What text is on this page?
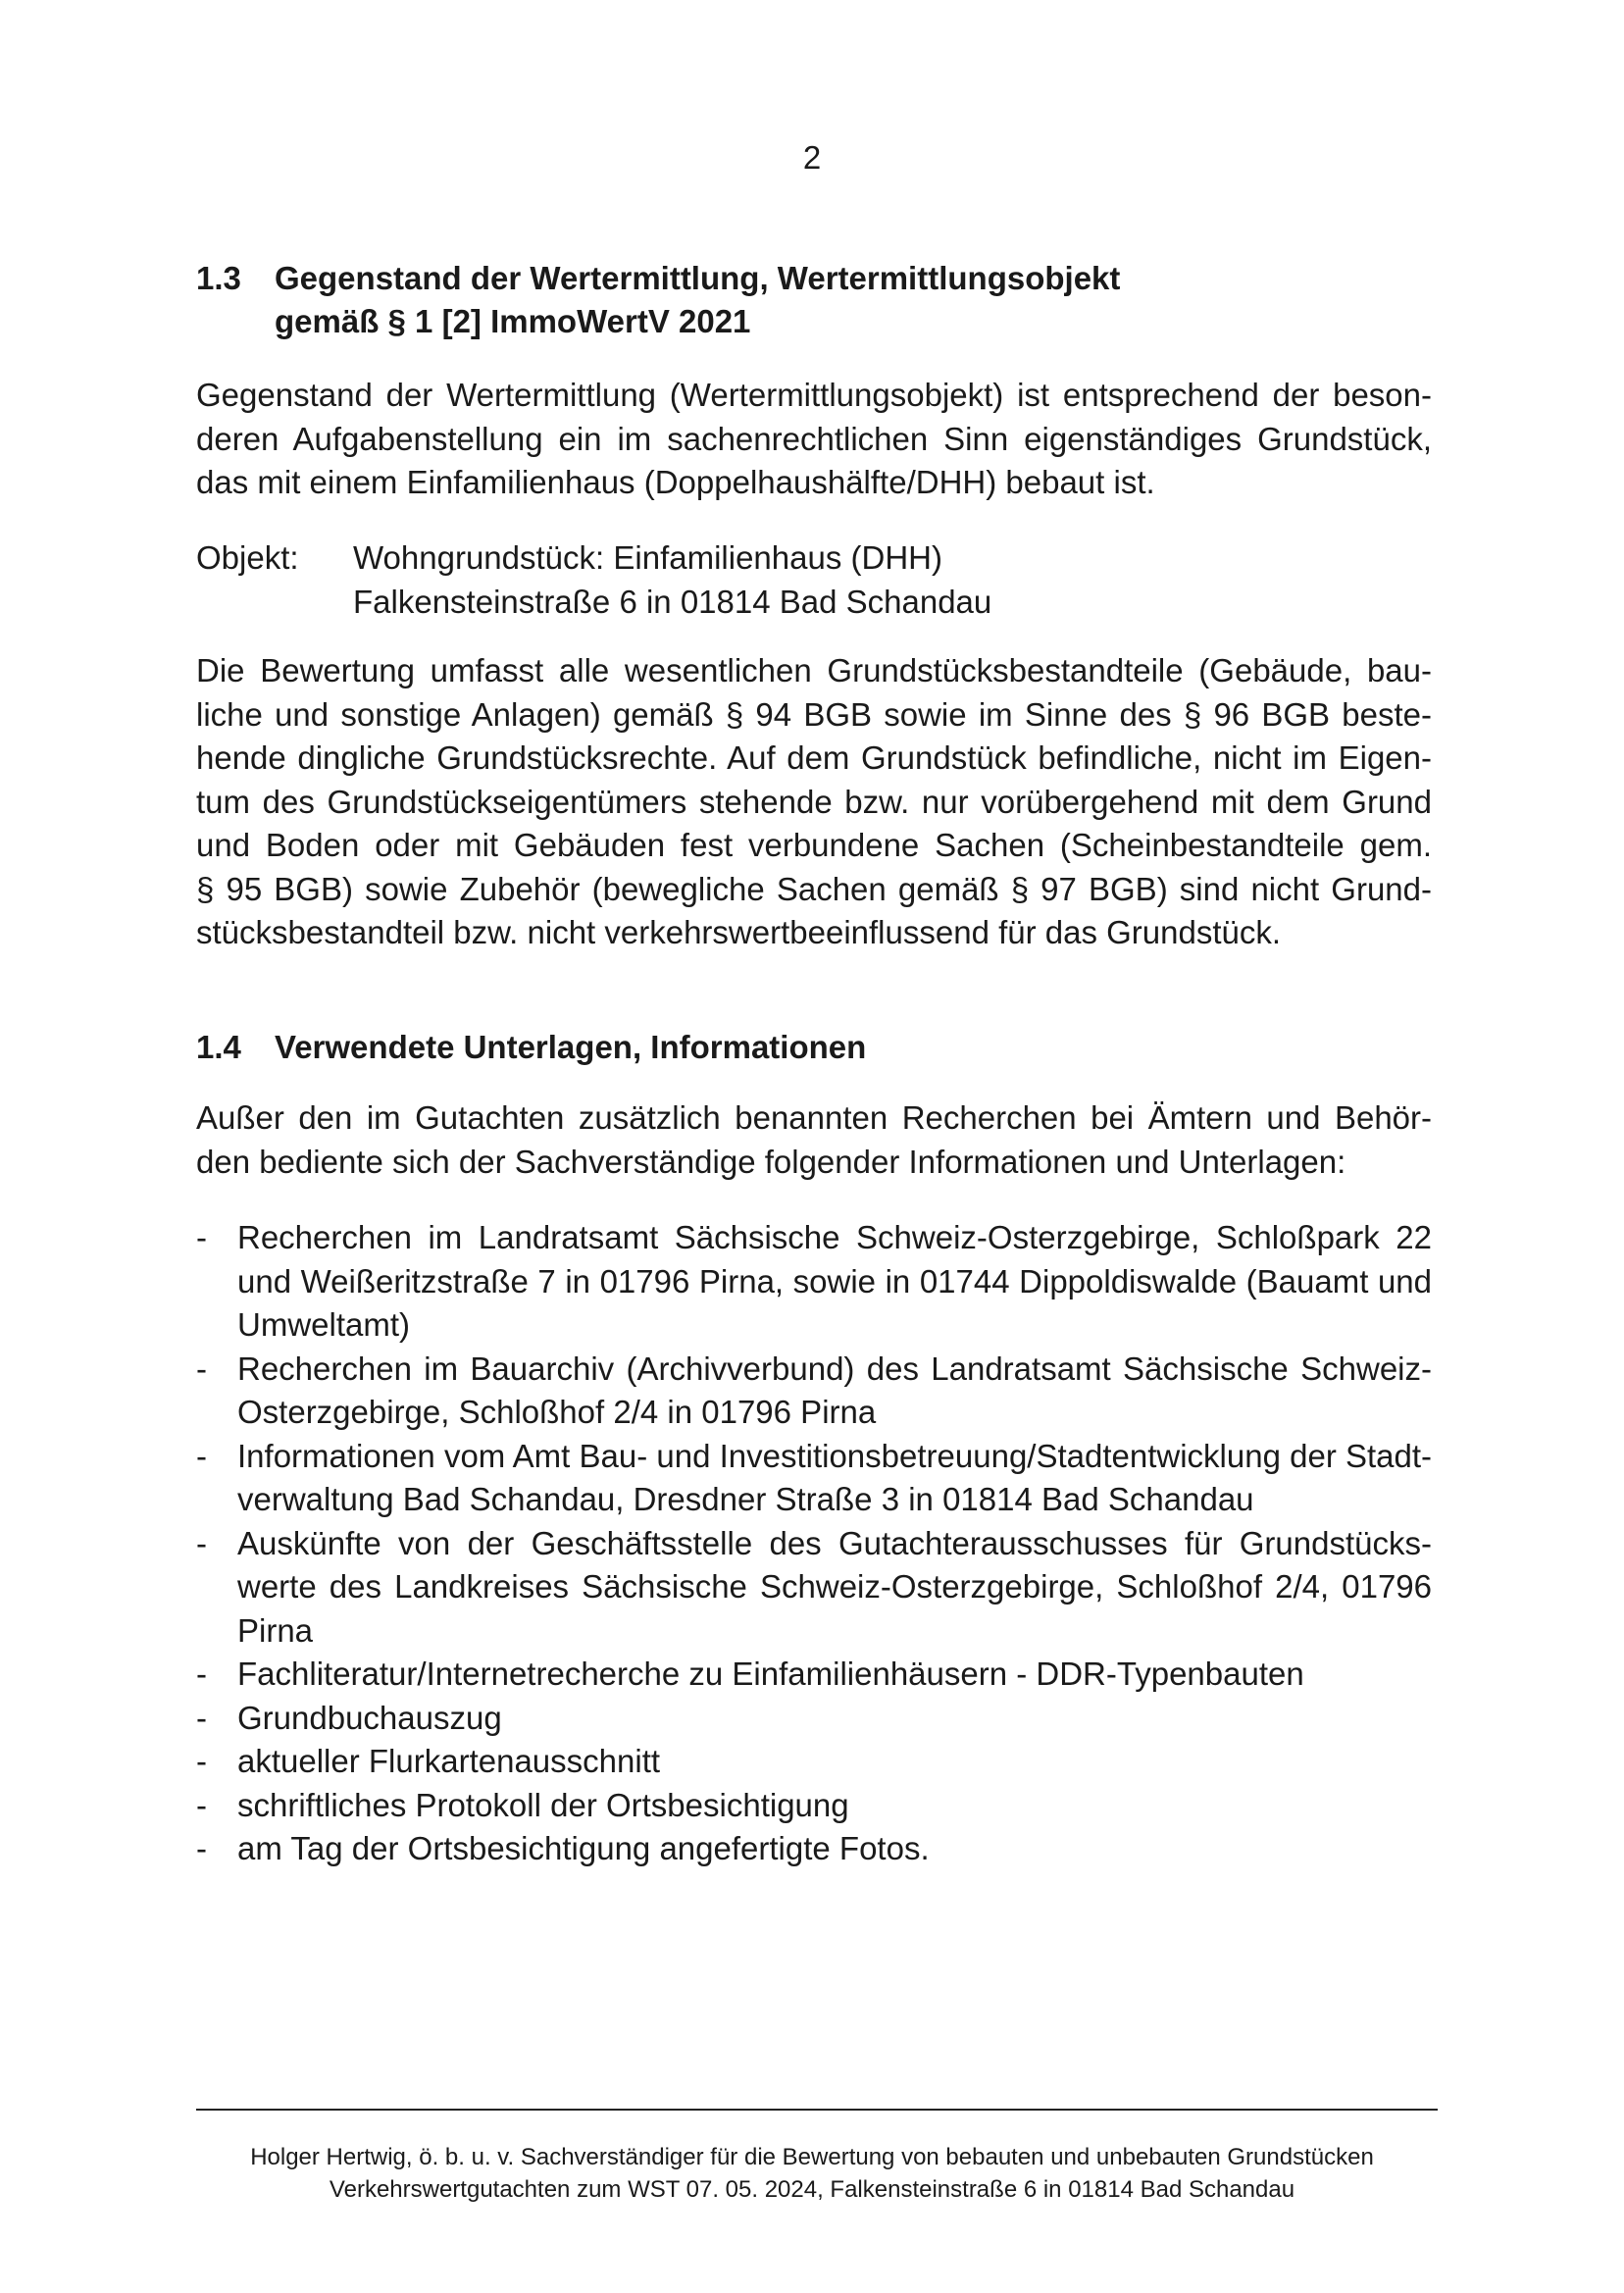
2
1.3	Gegenstand der Wertermittlung, Wertermittlungsobjekt
gemäß § 1 [2] ImmoWertV 2021
Gegenstand der Wertermittlung (Wertermittlungsobjekt) ist entsprechend der beson-
deren Aufgabenstellung ein im sachenrechtlichen Sinn eigenständiges Grundstück,
das mit einem Einfamilienhaus (Doppelhaushälfte/DHH) bebaut ist.
Objekt:	Wohngrundstück: Einfamilienhaus (DHH)
Falkensteinstraße 6 in 01814 Bad Schandau
Die Bewertung umfasst alle wesentlichen Grundstücksbestandteile (Gebäude, bau-
liche und sonstige Anlagen) gemäß § 94 BGB sowie im Sinne des § 96 BGB beste-
hende dingliche Grundstücksrechte. Auf dem Grundstück befindliche, nicht im Eigen-
tum des Grundstückseigentümers stehende bzw. nur vorübergehend mit dem Grund
und Boden oder mit Gebäuden fest verbundene Sachen (Scheinbestandteile gem.
§ 95 BGB) sowie Zubehör (bewegliche Sachen gemäß § 97 BGB) sind nicht Grund-
stücksbestandteil bzw. nicht verkehrswertbeeinflussend für das Grundstück.
1.4	Verwendete Unterlagen, Informationen
Außer den im Gutachten zusätzlich benannten Recherchen bei Ämtern und Behör-
den bediente sich der Sachverständige folgender Informationen und Unterlagen:
- Recherchen im Landratsamt Sächsische Schweiz-Osterzgebirge, Schloßpark 22
und Weißeritzstraße 7 in 01796 Pirna, sowie in 01744 Dippoldiswalde (Bauamt und
Umweltamt)
- Recherchen im Bauarchiv (Archivverbund) des Landratsamt Sächsische Schweiz-
Osterzgebirge, Schloßhof 2/4 in 01796 Pirna
- Informationen vom Amt Bau- und Investitionsbetreuung/Stadtentwicklung der Stadt-
verwaltung Bad Schandau, Dresdner Straße 3 in 01814 Bad Schandau
- Auskünfte von der Geschäftsstelle des Gutachterausschusses für Grundstücks-
werte des Landkreises Sächsische Schweiz-Osterzgebirge, Schloßhof 2/4, 01796
Pirna
- Fachliteratur/Internetrecherche zu Einfamilienhäusern - DDR-Typenbauten
- Grundbuchauszug
- aktueller Flurkartenausschnitt
- schriftliches Protokoll der Ortsbesichtigung
- am Tag der Ortsbesichtigung angefertigte Fotos.
Holger Hertwig, ö. b. u. v. Sachverständiger für die Bewertung von bebauten und unbebauten Grundstücken
Verkehrswertgutachten zum WST 07. 05. 2024, Falkensteinstraße 6 in 01814 Bad Schandau
